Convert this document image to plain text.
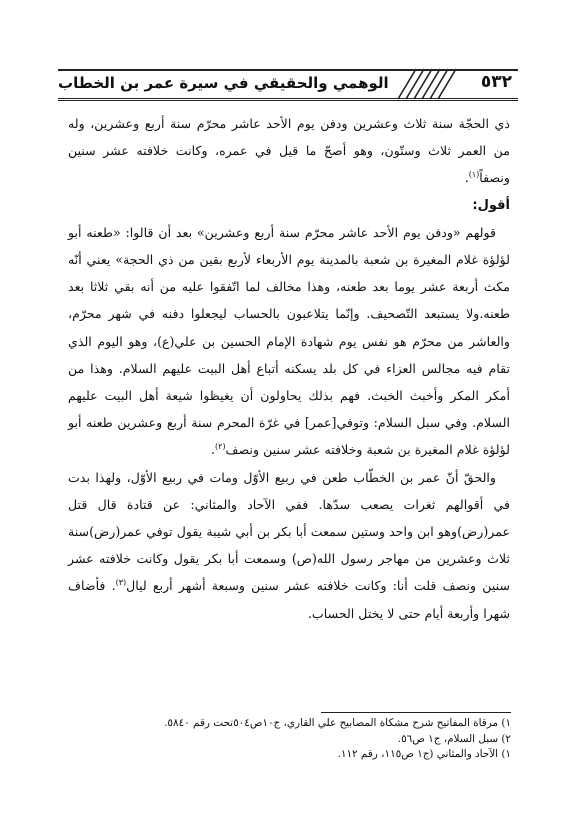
٥٣٢
الوهمي والحقيقي في سيرة عمر بن الخطاب

ذي الحجّة سنة ثلاث وعشرين ودفن يوم الأحد عاشر محرّم سنة أربع وعشرين، وله من العمر ثلاث وستّون، وهو أصحّ ما قيل في عمره، وكانت خلافته عشر سنين ونصفاً$^{(١)}$.

أقول:

قولهم «ودفن يوم الأحد عاشر محرّم سنة أربع وعشرين» بعد أن قالوا: «طعنه أبو لؤلؤة غلام المغيرة بن شعبة بالمدينة يوم الأربعاء لأربع بقين من ذي الحجة» يعني أنّه مكث أربعة عشر يوما بعد طعنه، وهذا مخالف لما اتّفقوا عليه من أنه بقي ثلاثا بعد طعنه.ولا يستبعد التّصحيف. وإنّما يتلاعبون بالحساب ليجعلوا دفنه في شهر محرّم، والعاشر من محرّم هو نفس يوم شهادة الإمام الحسين بن علي(ع)، وهو اليوم الذي تقام فيه مجالس العزاء في كل بلد يسكنه أتباع أهل البيت عليهم السلام. وهذا من أمكر المكر وأخبث الخبث. فهم بذلك يحاولون أن يغيظوا شيعة أهل البيت عليهم السلام. وفي سبل السلام: وتوفي[عمر] في غرّة المحرم سنة أربع وعشرين طعنه أبو لؤلؤة غلام المغيرة بن شعبة وخلافته عشر سنين ونصف$^{(٢)}$.

والحقّ أنّ عمر بن الخطّاب طعن في ربيع الأوّل ومات في ربيع الأوّل، ولهذا بدت في أقوالهم ثغرات يصعب سدّها. ففي الآحاد والمثاني: عن قتادة قال قتل عمر(رض)وهو ابن واحد وستين سمعت أبا بكر بن أبي شيبة يقول توفي عمر(رض)سنة ثلاث وعشرين من مهاجر رسول الله(ص) وسمعت أبا بكر يقول وكانت خلافته عشر سنين ونصف قلت أنا: وكانت خلافته عشر سنين وسبعة أشهر أربع ليال$^{(٣)}$. فأضاف شهرا وأربعة أيام حتى لا يختل الحساب.

١) مرقاة المفاتيح شرح مشكاة المصابيح علي القاري، ج١٠ص٥٠٤تحت رقم ٥٨٤٠.
٢) سبل السلام، ج١ ص٥٦.
١) الآحاد والمثاني (ج١ ص١١٥، رقم ١١٢.
